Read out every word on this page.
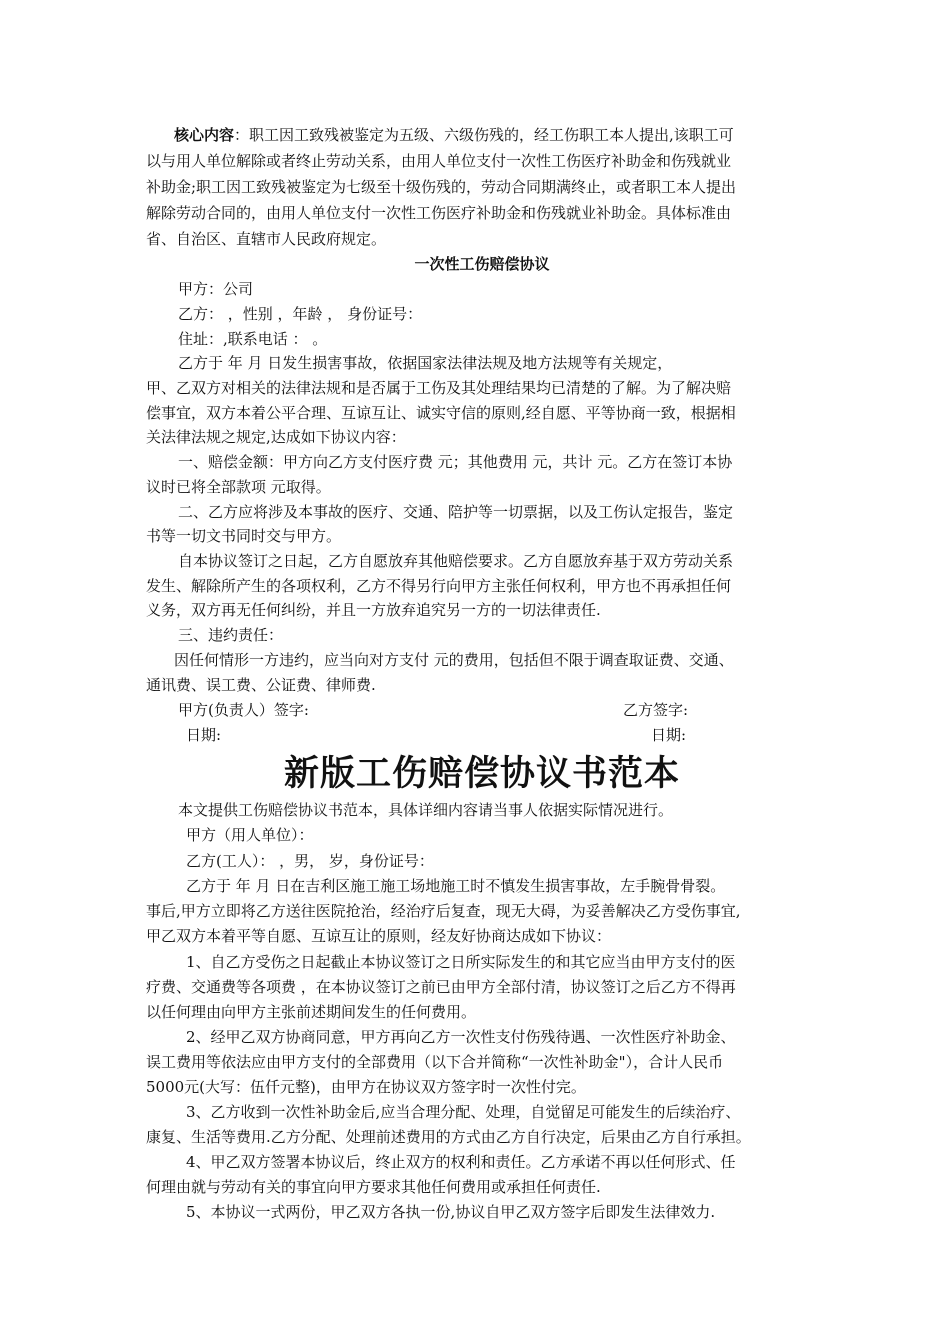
核心内容：职工因工致残被鉴定为五级、六级伤残的，经工伤职工本人提出,该职工可

以与用人单位解除或者终止劳动关系，由用人单位支付一次性工伤医疗补助金和伤残就业

补助金;职工因工致残被鉴定为七级至十级伤残的，劳动合同期满终止，或者职工本人提出

解除劳动合同的，由用人单位支付一次性工伤医疗补助金和伤残就业补助金。具体标准由

省、自治区、直辖市人民政府规定。

一次性工伤赔偿协议

甲方：公司

乙方： ，性别 ，年龄 ， 身份证号：

住址：,联系电话 ： 。

乙方于 年 月 日发生损害事故，依据国家法律法规及地方法规等有关规定，

甲、乙双方对相关的法律法规和是否属于工伤及其处理结果均已清楚的了解。为了解决赔

偿事宜，双方本着公平合理、互谅互让、诚实守信的原则,经自愿、平等协商一致，根据相

关法律法规之规定,达成如下协议内容：

一、赔偿金额：甲方向乙方支付医疗费 元；其他费用 元，共计 元。乙方在签订本协

议时已将全部款项 元取得。

二、乙方应将涉及本事故的医疗、交通、陪护等一切票据，以及工伤认定报告，鉴定

书等一切文书同时交与甲方。

自本协议签订之日起，乙方自愿放弃其他赔偿要求。乙方自愿放弃基于双方劳动关系

发生、解除所产生的各项权利，乙方不得另行向甲方主张任何权利，甲方也不再承担任何

义务，双方再无任何纠纷，并且一方放弃追究另一方的一切法律责任.

三、违约责任：

因任何情形一方违约，应当向对方支付 元的费用，包括但不限于调查取证费、交通、

通讯费、误工费、公证费、律师费.

甲方(负责人）签字:	乙方签字:
日期:	日期:

新版工伤赔偿协议书范本

本文提供工伤赔偿协议书范本，具体详细内容请当事人依据实际情况进行。

甲方（用人单位）：

乙方(工人）： ，男， 岁，身份证号：

乙方于 年 月 日在吉利区施工施工场地施工时不慎发生损害事故，左手腕骨骨裂。

事后,甲方立即将乙方送往医院抢治，经治疗后复查，现无大碍，为妥善解决乙方受伤事宜,

甲乙双方本着平等自愿、互谅互让的原则，经友好协商达成如下协议：

1、自乙方受伤之日起截止本协议签订之日所实际发生的和其它应当由甲方支付的医

疗费、交通费等各项费 ，在本协议签订之前已由甲方全部付清，协议签订之后乙方不得再

以任何理由向甲方主张前述期间发生的任何费用。

2、经甲乙双方协商同意，甲方再向乙方一次性支付伤残待遇、一次性医疗补助金、

误工费用等依法应由甲方支付的全部费用（以下合并简称“一次性补助金"），合计人民币

5000元(大写：伍仟元整)，由甲方在协议双方签字时一次性付完。

3、乙方收到一次性补助金后,应当合理分配、处理，自觉留足可能发生的后续治疗、

康复、生活等费用.乙方分配、处理前述费用的方式由乙方自行决定，后果由乙方自行承担。

4、甲乙双方签署本协议后，终止双方的权利和责任。乙方承诺不再以任何形式、任

何理由就与劳动有关的事宜向甲方要求其他任何费用或承担任何责任.

5、本协议一式两份，甲乙双方各执一份,协议自甲乙双方签字后即发生法律效力.
